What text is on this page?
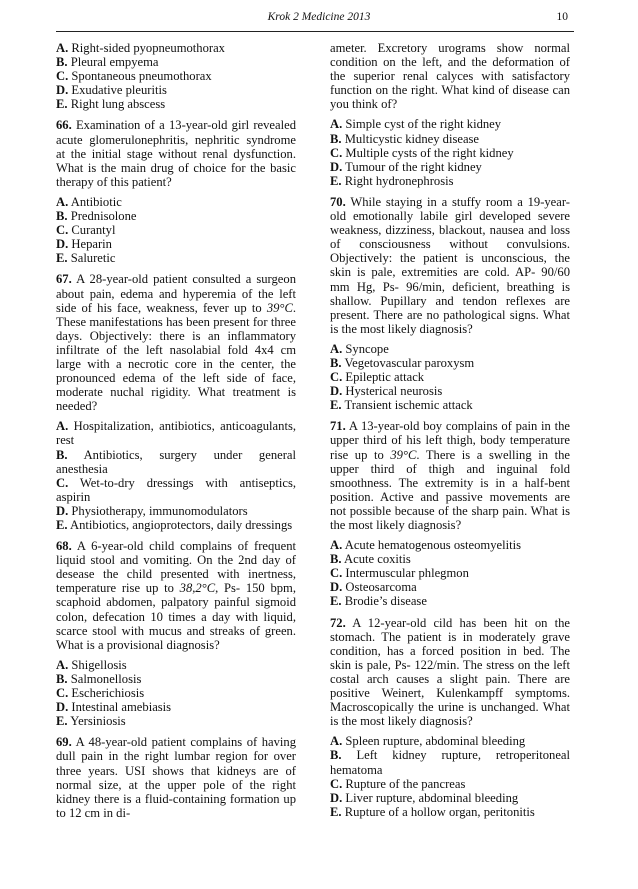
Krok 2 Medicine 2013	10

A. Right-sided pyopneumothorax

B. Pleural empyema

C. Spontaneous pneumothorax

D. Exudative pleuritis

E. Right lung abscess

66. Examination of a 13-year-old girl revealed acute glomerulonephritis, nephritic syndrome at the initial stage without renal dysfunction. What is the main drug of choice for the basic therapy of this patient?

A. Antibiotic

B. Prednisolone

C. Curantyl

D. Heparin

E. Saluretic

67. A 28-year-old patient consulted a surgeon about pain, edema and hyperemia of the left side of his face, weakness, fever up to 39°C. These manifestations has been present for three days. Objectively: there is an inflammatory infiltrate of the left nasolabial fold 4x4 cm large with a necrotic core in the center, the pronounced edema of the left side of face, moderate nuchal rigidity. What treatment is needed?

A. Hospitalization, antibiotics, anticoagulants, rest

B. Antibiotics, surgery under general anesthesia

C. Wet-to-dry dressings with antiseptics, aspirin

D. Physiotherapy, immunomodulators

E. Antibiotics, angioprotectors, daily dressings

68. A 6-year-old child complains of frequent liquid stool and vomiting. On the 2nd day of desease the child presented with inertness, temperature rise up to 38,2°C, Ps- 150 bpm, scaphoid abdomen, palpatory painful sigmoid colon, defecation 10 times a day with liquid, scarce stool with mucus and streaks of green. What is a provisional diagnosis?

A. Shigellosis

B. Salmonellosis

C. Escherichiosis

D. Intestinal amebiasis

E. Yersiniosis

69. A 48-year-old patient complains of having dull pain in the right lumbar region for over three years. USI shows that kidneys are of normal size, at the upper pole of the right kidney there is a fluid-containing formation up to 12 cm in di-

ameter. Excretory urograms show normal condition on the left, and the deformation of the superior renal calyces with satisfactory function on the right. What kind of disease can you think of?

A. Simple cyst of the right kidney

B. Multicystic kidney disease

C. Multiple cysts of the right kidney

D. Tumour of the right kidney

E. Right hydronephrosis

70. While staying in a stuffy room a 19-year-old emotionally labile girl developed severe weakness, dizziness, blackout, nausea and loss of consciousness without convulsions. Objectively: the patient is unconscious, the skin is pale, extremities are cold. AP- 90/60 mm Hg, Ps- 96/min, deficient, breathing is shallow. Pupillary and tendon reflexes are present. There are no pathological signs. What is the most likely diagnosis?

A. Syncope

B. Vegetovascular paroxysm

C. Epileptic attack

D. Hysterical neurosis

E. Transient ischemic attack

71. A 13-year-old boy complains of pain in the upper third of his left thigh, body temperature rise up to 39°C. There is a swelling in the upper third of thigh and inguinal fold smoothness. The extremity is in a half-bent position. Active and passive movements are not possible because of the sharp pain. What is the most likely diagnosis?

A. Acute hematogenous osteomyelitis

B. Acute coxitis

C. Intermuscular phlegmon

D. Osteosarcoma

E. Brodie’s disease

72. A 12-year-old cild has been hit on the stomach. The patient is in moderately grave condition, has a forced position in bed. The skin is pale, Ps- 122/min. The stress on the left costal arch causes a slight pain. There are positive Weinert, Kulenkampff symptoms. Macroscopically the urine is unchanged. What is the most likely diagnosis?

A. Spleen rupture, abdominal bleeding

B. Left kidney rupture, retroperitoneal hematoma

C. Rupture of the pancreas

D. Liver rupture, abdominal bleeding

E. Rupture of a hollow organ, peritonitis
